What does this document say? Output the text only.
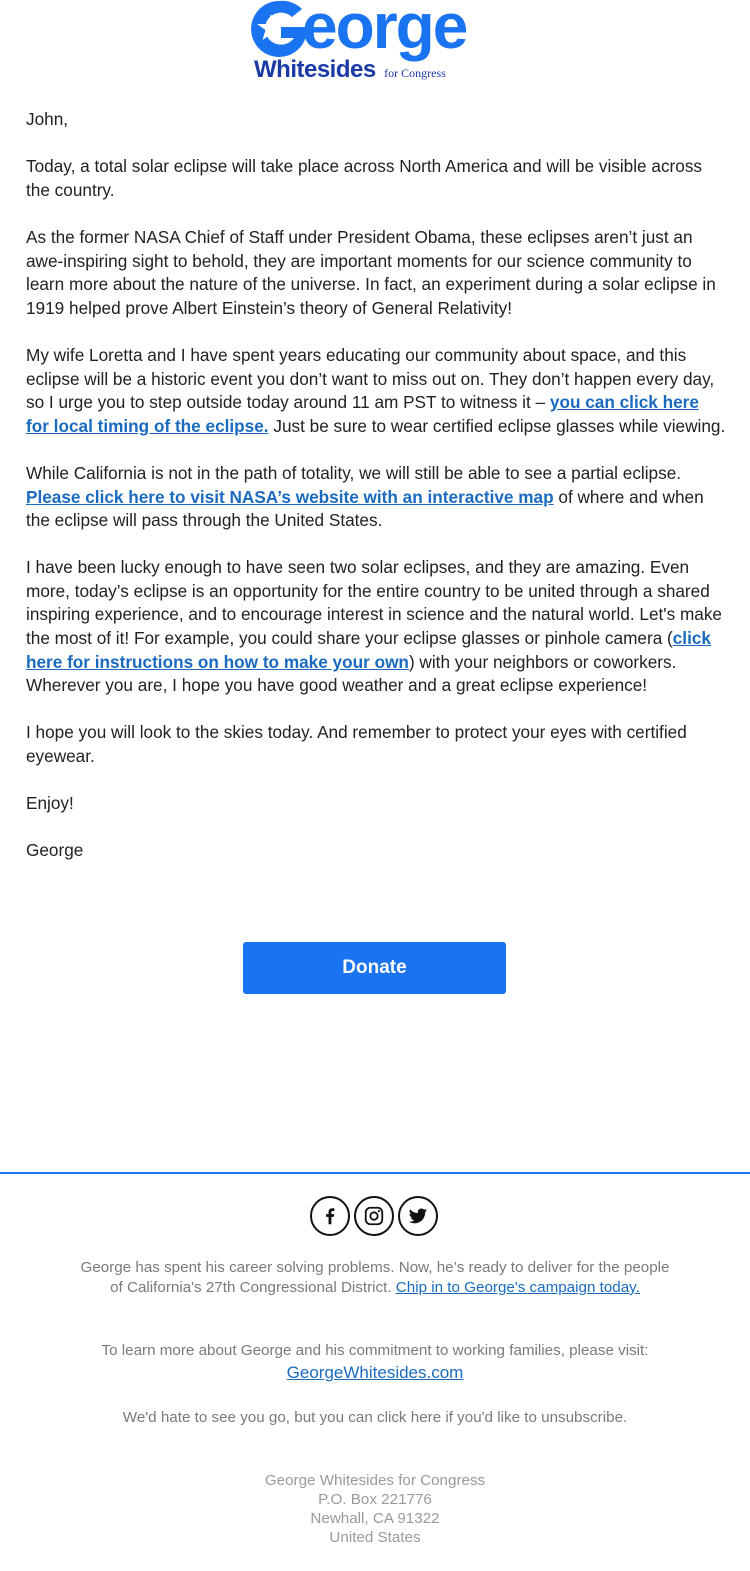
eorge
Whitesides for Congress

John,

Today, a total solar eclipse will take place across North America and will be visible across the country.

As the former NASA Chief of Staff under President Obama, these eclipses aren’t just an awe-inspiring sight to behold, they are important moments for our science community to learn more about the nature of the universe. In fact, an experiment during a solar eclipse in 1919 helped prove Albert Einstein’s theory of General Relativity!

My wife Loretta and I have spent years educating our community about space, and this eclipse will be a historic event you don’t want to miss out on. They don’t happen every day, so I urge you to step outside today around 11 am PST to witness it – you can click here for local timing of the eclipse. Just be sure to wear certified eclipse glasses while viewing.

While California is not in the path of totality, we will still be able to see a partial eclipse. Please click here to visit NASA’s website with an interactive map of where and when the eclipse will pass through the United States.

I have been lucky enough to have seen two solar eclipses, and they are amazing. Even more, today’s eclipse is an opportunity for the entire country to be united through a shared inspiring experience, and to encourage interest in science and the natural world. Let's make the most of it! For example, you could share your eclipse glasses or pinhole camera (click here for instructions on how to make your own) with your neighbors or coworkers. Wherever you are, I hope you have good weather and a great eclipse experience!

I hope you will look to the skies today. And remember to protect your eyes with certified eyewear.

Enjoy!

George

Donate
George has spent his career solving problems. Now, he’s ready to deliver for the people of California's 27th Congressional District. Chip in to George's campaign today.
To learn more about George and his commitment to working families, please visit:
GeorgeWhitesides.com
We'd hate to see you go, but you can click here if you'd like to unsubscribe.
George Whitesides for Congress
P.O. Box 221776
Newhall, CA 91322
United States
